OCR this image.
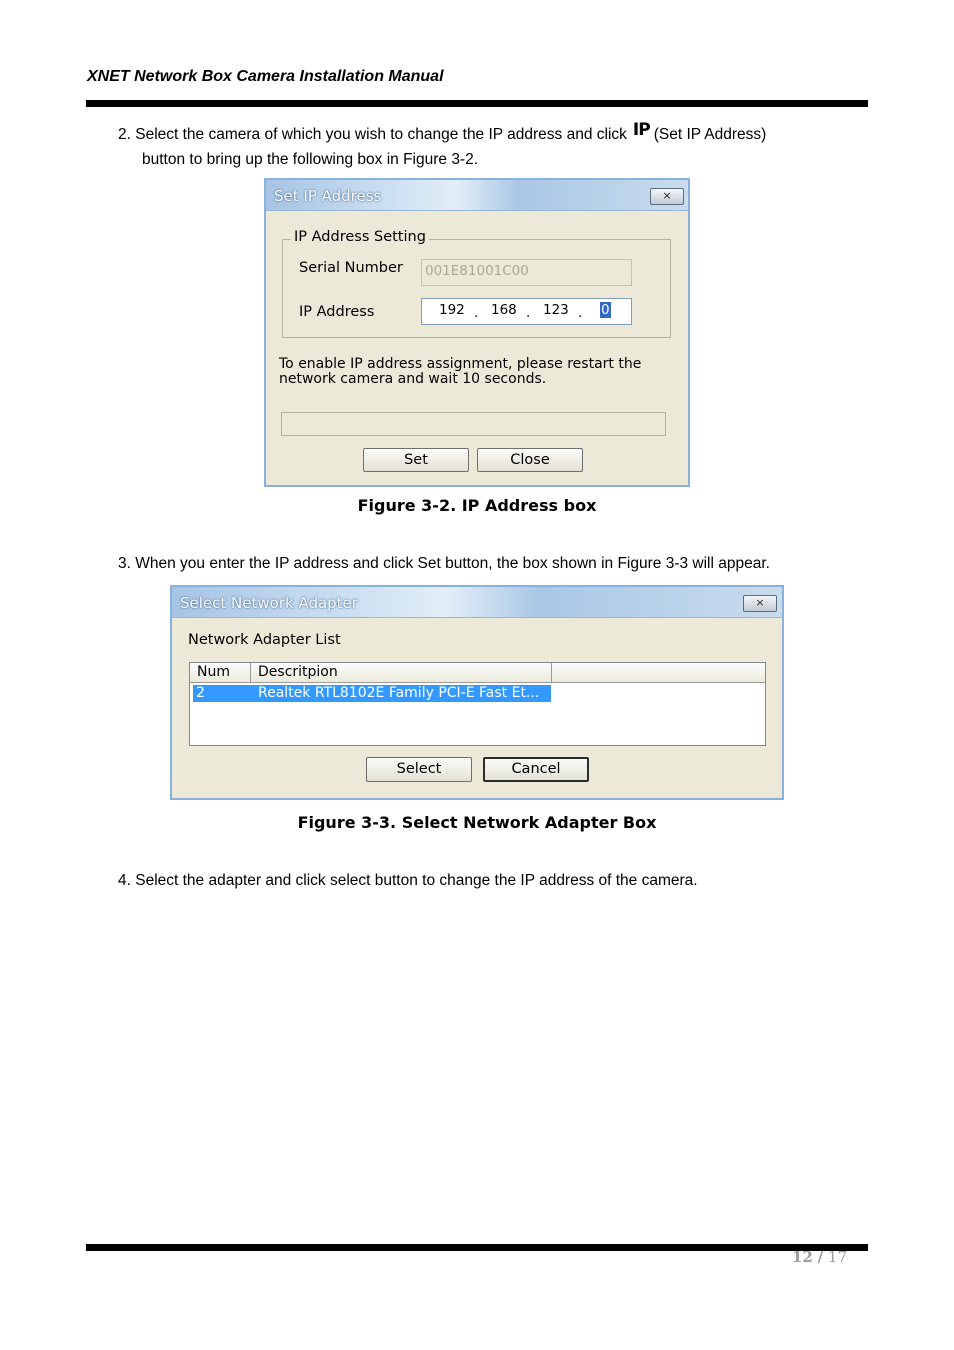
XNET Network Box Camera Installation Manual
2. Select the camera of which you wish to change the IP address and click IP (Set IP Address)
button to bring up the following box in Figure 3-2.
Set IP Address	×
IP Address Setting
Serial Number 001E81001C00
IP Address	192 . 168 . 123 . 0
To enable IP address assignment, please restart the
network camera and wait 10 seconds.
Set	Close
Figure 3-2. IP Address box
3. When you enter the IP address and click Set button, the box shown in Figure 3-3 will appear.
Select Network Adapter	×
Network Adapter List
Num	Descritpion
2	Realtek RTL8102E Family PCI-E Fast Et...
Select	Cancel
Figure 3-3. Select Network Adapter Box
4. Select the adapter and click select button to change the IP address of the camera.
12 / 17
